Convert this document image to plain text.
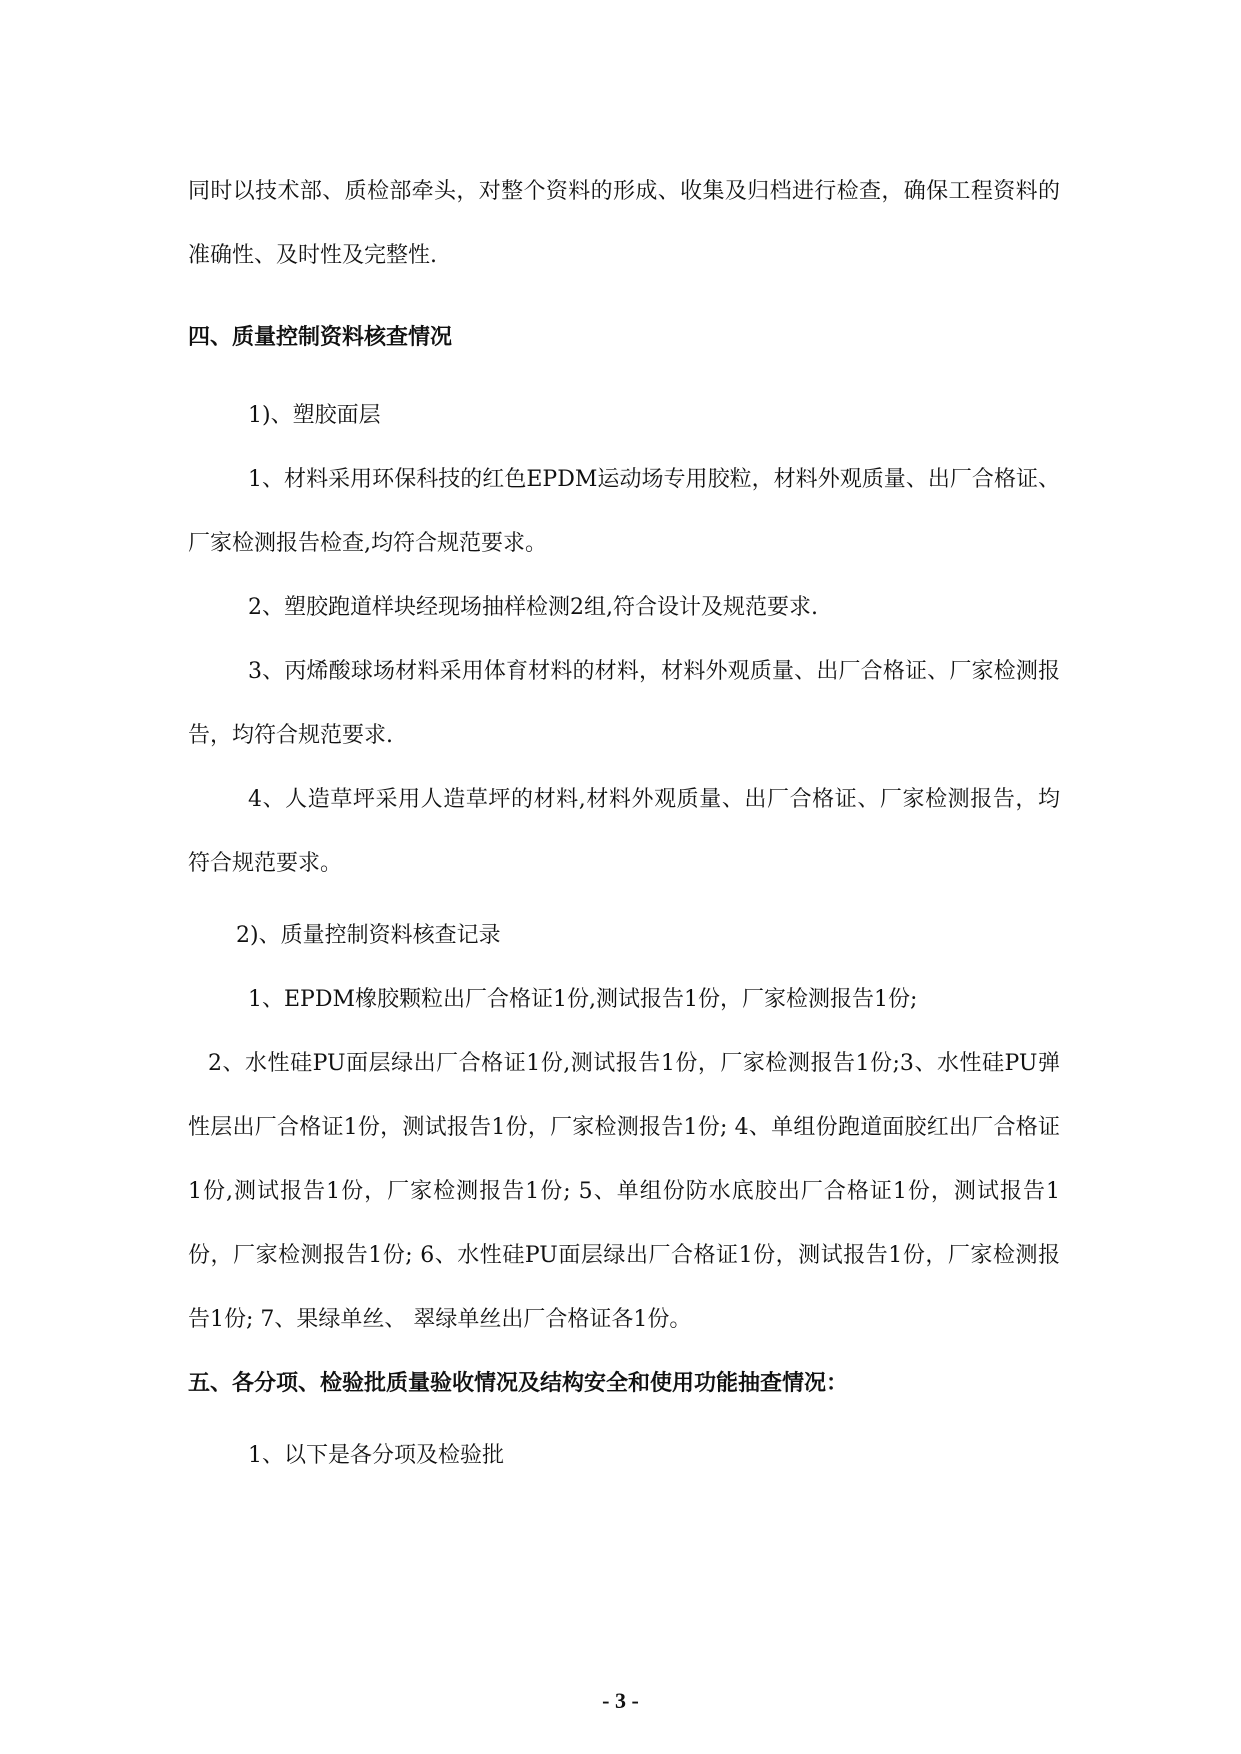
同时以技术部、质检部牵头，对整个资料的形成、收集及归档进行检查，确保工程资料的准确性、及时性及完整性.

四、质量控制资料核查情况

1)、塑胶面层

1、材料采用环保科技的红色EPDM运动场专用胶粒，材料外观质量、出厂合格证、厂家检测报告检查,均符合规范要求。

2、塑胶跑道样块经现场抽样检测2组,符合设计及规范要求.

3、丙烯酸球场材料采用体育材料的材料，材料外观质量、出厂合格证、厂家检测报告，均符合规范要求.

4、人造草坪采用人造草坪的材料,材料外观质量、出厂合格证、厂家检测报告，均符合规范要求。

2)、质量控制资料核查记录

1、EPDM橡胶颗粒出厂合格证1份,测试报告1份，厂家检测报告1份;

2、水性硅PU面层绿出厂合格证1份,测试报告1份，厂家检测报告1份;3、水性硅PU弹性层出厂合格证1份，测试报告1份，厂家检测报告1份; 4、单组份跑道面胶红出厂合格证1份,测试报告1份，厂家检测报告1份; 5、单组份防水底胶出厂合格证1份，测试报告1份，厂家检测报告1份; 6、水性硅PU面层绿出厂合格证1份，测试报告1份，厂家检测报告1份; 7、果绿单丝、 翠绿单丝出厂合格证各1份。

五、各分项、检验批质量验收情况及结构安全和使用功能抽查情况：

1、以下是各分项及检验批

- 3 -
